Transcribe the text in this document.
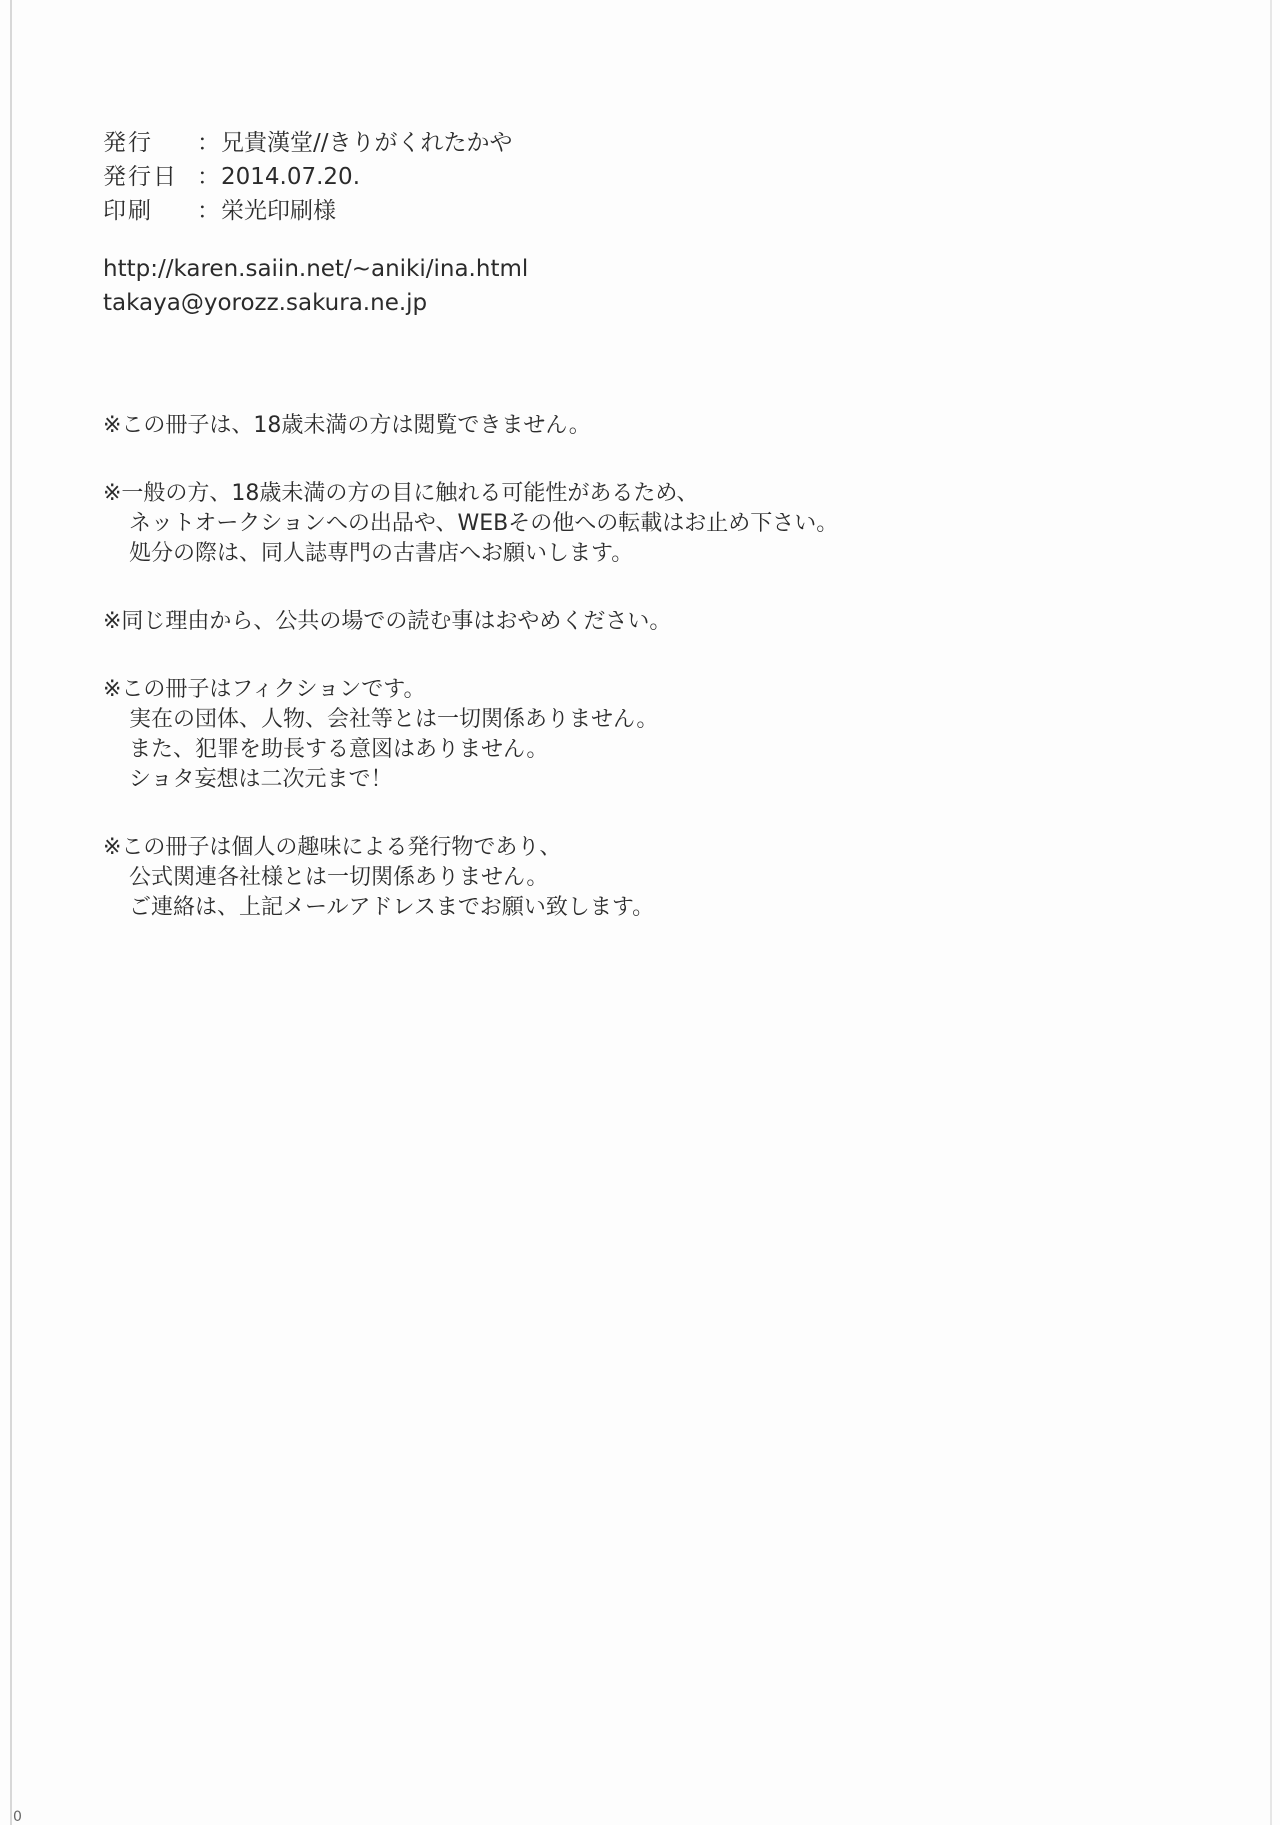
発行 ：兄貴漢堂//きりがくれたかや
発行日 ：2014.07.20.
印刷 ：栄光印刷様
http://karen.saiin.net/~aniki/ina.html
takaya@yorozz.sakura.ne.jp
※この冊子は、18歳未満の方は閲覧できません。
※一般の方、18歳未満の方の目に触れる可能性があるため、
ネットオークションへの出品や、WEBその他への転載はお止め下さい。
処分の際は、同人誌専門の古書店へお願いします。
※同じ理由から、公共の場での読む事はおやめください。
※この冊子はフィクションです。
実在の団体、人物、会社等とは一切関係ありません。
また、犯罪を助長する意図はありません。
ショタ妄想は二次元まで！
※この冊子は個人の趣味による発行物であり、
公式関連各社様とは一切関係ありません。
ご連絡は、上記メールアドレスまでお願い致します。
0
